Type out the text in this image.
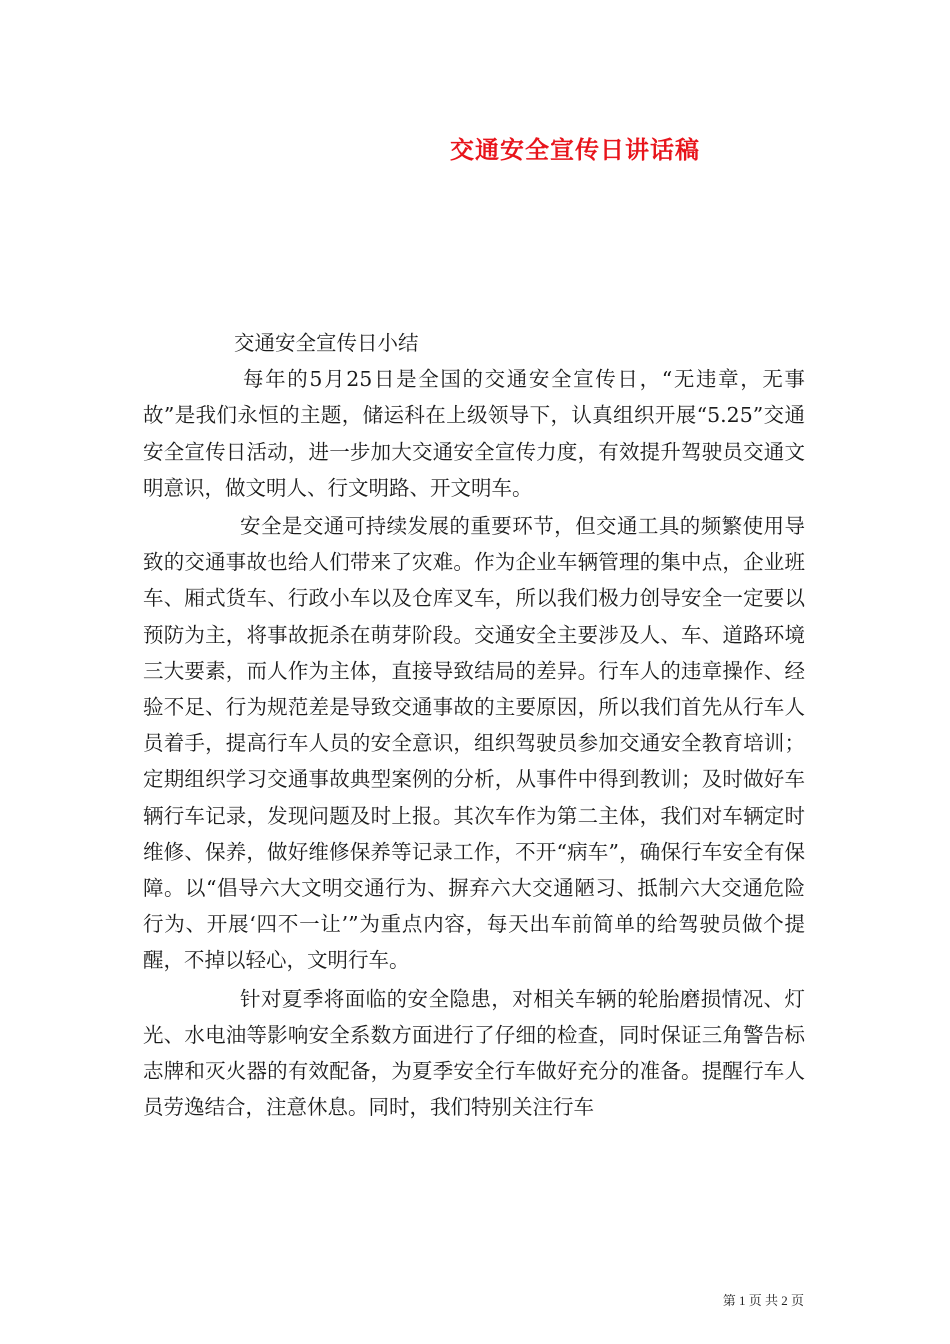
交通安全宣传日讲话稿

交通安全宣传日小结

每年的5月25日是全国的交通安全宣传日，“无违章，无事故”是我们永恒的主题，储运科在上级领导下，认真组织开展“5.25”交通安全宣传日活动，进一步加大交通安全宣传力度，有效提升驾驶员交通文明意识，做文明人、行文明路、开文明车。

安全是交通可持续发展的重要环节，但交通工具的频繁使用导致的交通事故也给人们带来了灾难。作为企业车辆管理的集中点，企业班车、厢式货车、行政小车以及仓库叉车，所以我们极力创导安全一定要以预防为主，将事故扼杀在萌芽阶段。交通安全主要涉及人、车、道路环境三大要素，而人作为主体，直接导致结局的差异。行车人的违章操作、经验不足、行为规范差是导致交通事故的主要原因，所以我们首先从行车人员着手，提高行车人员的安全意识，组织驾驶员参加交通安全教育培训；定期组织学习交通事故典型案例的分析，从事件中得到教训；及时做好车辆行车记录，发现问题及时上报。其次车作为第二主体，我们对车辆定时维修、保养，做好维修保养等记录工作，不开“病车”，确保行车安全有保障。以“倡导六大文明交通行为、摒弃六大交通陋习、抵制六大交通危险行为、开展‘四不一让’”为重点内容，每天出车前简单的给驾驶员做个提醒，不掉以轻心，文明行车。

针对夏季将面临的安全隐患，对相关车辆的轮胎磨损情况、灯光、水电油等影响安全系数方面进行了仔细的检查，同时保证三角警告标志牌和灭火器的有效配备，为夏季安全行车做好充分的准备。提醒行车人员劳逸结合，注意休息。同时，我们特别关注行车

第 1 页 共 2 页
